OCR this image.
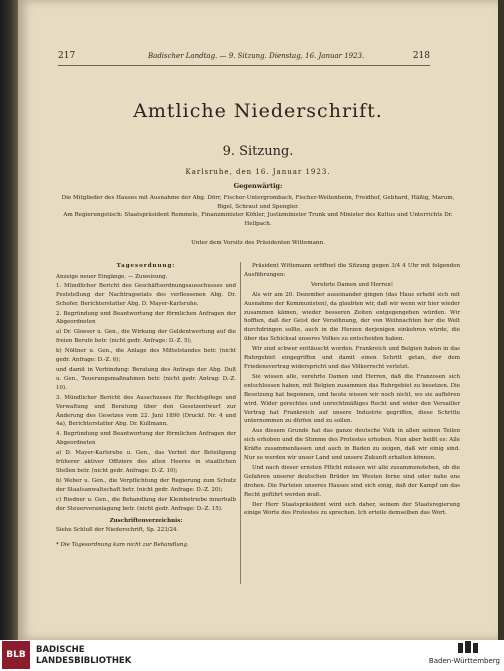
217	Badischer Landtag. — 9. Sitzung. Dienstag, 16. Januar 1923.	218
Amtliche Niederschrift.
9. Sitzung.
Karlsruhe, den 16. Januar 1923.
Gegenwärtig:
Die Mitglieder des Hauses mit Ausnahme der Abg. Dörr, Fischer-Untergrombach, Fischer-Weitenheim, Freidhof, Gebhard, Häßig, Marum, Rigel, Schraut und Spengler.
Am Regierungstisch: Staatspräsident Remmele, Finanzminister Köhler, Justizminister Trunk und Minister des Kultus und Unterrichts Dr. Hellpach.
Unter dem Vorsitz des Präsidenten Wittemann.
Tagesordnung:
Anzeige neuer Eingänge. — Zuweisung.
1. Mündlicher Bericht des Geschäftsordnungsausschusses und Feststellung der Nachtragsetats des verflossenen Abg. Dr. Schofer, Berichterstatter Abg. D. Mayer-Karlsruhe.
2. Begründung und Beantwortung der förmlichen Anfragen der Abgeordneten
a) Dr. Gloeser u. Gen., die Wirkung der Geldentwertung auf die freien Berufe betr. (nicht gedr. Anfrage: D.-Z. 5);
b) Nöltner u. Gen., die Anlage des Mittelstandes betr. (nicht gedr. Anfrage: D.-Z. 6);
und damit in Verbindung: Beratung des Antrags der Abg. Duß u. Gen., Teuerungsmaßnahmen betr. (nicht gedr. Antrag: D.-Z. 10).
3. Mündlicher Bericht des Ausschusses für Rechtspflege und Verwaltung und Beratung über den Gesetzentwurf zur Änderung des Gesetzes vom 22. Juni 1890 (Druckf. Nr. 4 und 4a), Berichterstatter Abg. Dr. Kullmann.
4. Begründung und Beantwortung der förmlichen Anfragen der Abgeordneten
a) D. Mayer-Karlsruhe u. Gen., das Verbot der Beteiligung früherer aktiver Offiziere des alten Heeres in staatlichen Stellen betr. (nicht gedr. Anfrage: D.-Z. 10);
b) Weber u. Gen., die Verpflichtung der Regierung zum Schutz der Staatsanwaltschaft betr. (nicht gedr. Anfrage: D.-Z. 20);
c) Riedner u. Gen., die Behandlung der Kleinbetriebe innerhalb der Steuerveranlagung betr. (nicht gedr. Anfrage: D.-Z. 15).
Zuschriftenverzeichnis:
Siehe Schluß der Niederschrift, Sp. 223/24.
* Die Tagesordnung kam nicht zur Behandlung.

Präsident Wittemann eröffnet die Sitzung gegen 3/4 4 Uhr mit folgenden Ausführungen:

Verehrte Damen und Herren!

Als wir am 20. Dezember auseinander gingen (das Haus erhebt sich mit Ausnahme der Kommunisten), da glaubten wir, daß wir wenn wir hier wieder zusammen kämen, wieder besseren Zeiten entgegengehen würden. Wir hofften, daß der Geist der Versöhnung, der von Weihnachten her die Welt durchdringen sollte, auch in die Herzen derjenigen einkehren würde, die über das Schicksal unseres Volkes zu entscheiden haben.

Wir sind schwer enttäuscht worden. Frankreich und Belgien haben in das Ruhrgebiet eingegriffen und damit einen Schritt getan, der dem Friedensvertrag widerspricht und das Völkerrecht verletzt.

Sie wissen alle, verehrte Damen und Herren, daß die Franzosen sich entschlossen haben, mit Belgien zusammen das Ruhrgebiet zu besetzen. Die Besetzung hat begonnen, und heute wissen wir noch nicht, wo sie aufhören wird. Wider gerechtes und unrechtmäßiges Recht und wider den Versailler Vertrag hat Frankreich auf unsere Industrie gegriffen, diese Schritte unternommen zu dürfen und zu sollen.

Aus diesem Grunde hat das ganze deutsche Volk in allen seinen Teilen sich erhoben und die Stimme des Protestes erhoben. Nun aber heißt es: Alle Kräfte zusammenfassen und auch in Baden zu zeigen, daß wir einig sind. Nur so werden wir unser Land und unsere Zukunft erhalten können.

Und nach dieser ernsten Pflicht müssen wir alle zusammenstehen, ob die Gefahren unserer deutschen Brüder im Westen ferne sind oder nahe uns drohen. Die Parteien unseres Hauses sind sich einig, daß der Kampf um das Recht geführt werden muß.

Der Herr Staatspräsident wird sich daher, seinem der Staatsregierung einige Worte des Protestes zu sprechen. Ich erteile demselben das Wort.

BLB	BADISCHE
LANDESBIBLIOTHEK	Baden-Württemberg
